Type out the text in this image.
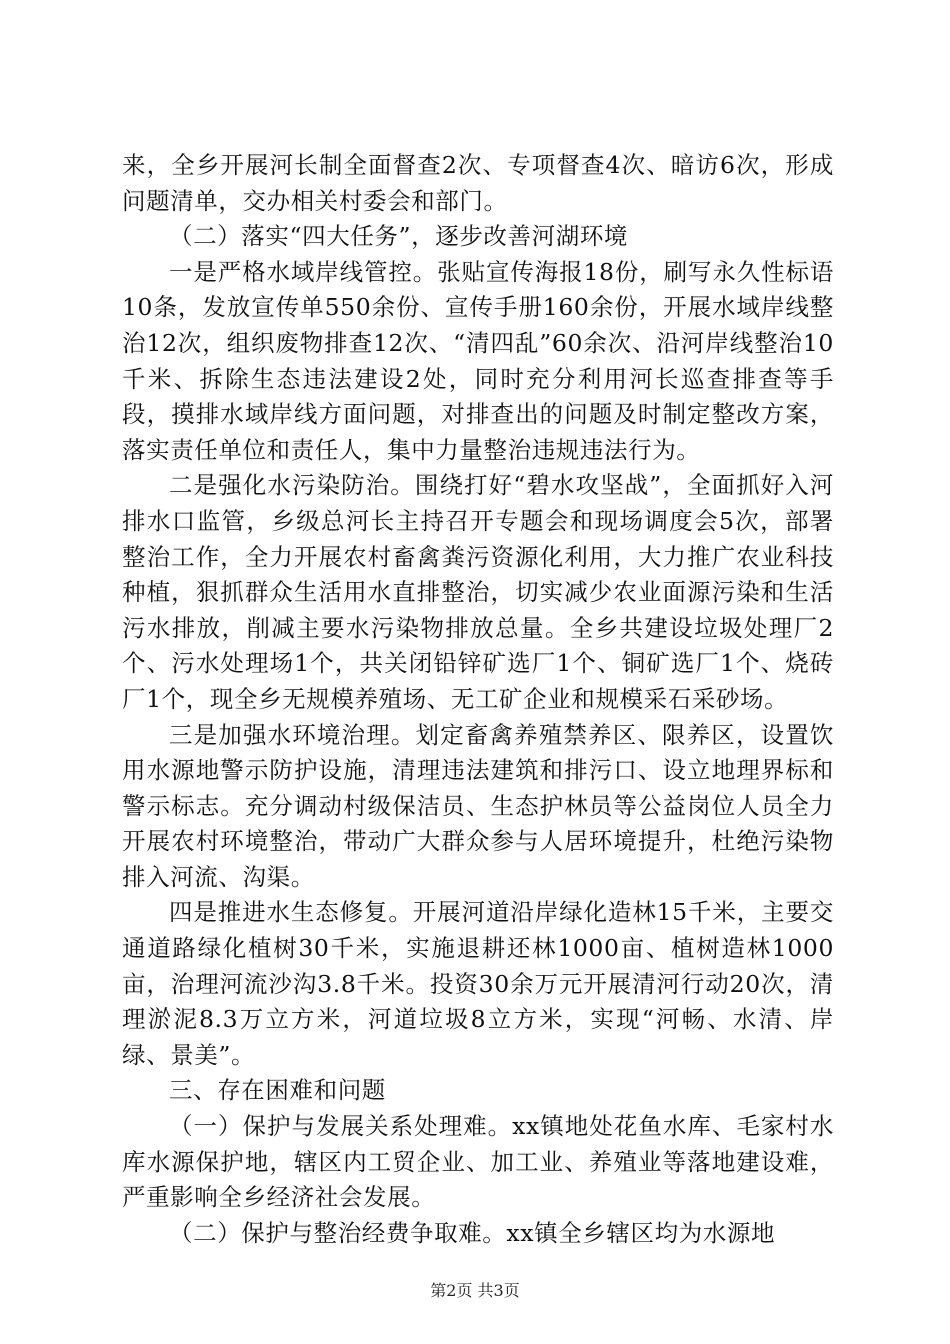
来，全乡开展河长制全面督查2次、专项督查4次、暗访6次，形成问题清单，交办相关村委会和部门。

（二）落实“四大任务”，逐步改善河湖环境

一是严格水域岸线管控。张贴宣传海报18份，刷写永久性标语10条，发放宣传单550余份、宣传手册160余份，开展水域岸线整治12次，组织废物排查12次、“清四乱”60余次、沿河岸线整治10千米、拆除生态违法建设2处，同时充分利用河长巡查排查等手段，摸排水域岸线方面问题，对排查出的问题及时制定整改方案，落实责任单位和责任人，集中力量整治违规违法行为。

二是强化水污染防治。围绕打好“碧水攻坚战”，全面抓好入河排水口监管，乡级总河长主持召开专题会和现场调度会5次，部署整治工作，全力开展农村畜禽粪污资源化利用，大力推广农业科技种植，狠抓群众生活用水直排整治，切实减少农业面源污染和生活污水排放，削减主要水污染物排放总量。全乡共建设垃圾处理厂2个、污水处理场1个，共关闭铅锌矿选厂1个、铜矿选厂1个、烧砖厂1个，现全乡无规模养殖场、无工矿企业和规模采石采砂场。

三是加强水环境治理。划定畜禽养殖禁养区、限养区，设置饮用水源地警示防护设施，清理违法建筑和排污口、设立地理界标和警示标志。充分调动村级保洁员、生态护林员等公益岗位人员全力开展农村环境整治，带动广大群众参与人居环境提升，杜绝污染物排入河流、沟渠。

四是推进水生态修复。开展河道沿岸绿化造林15千米，主要交通道路绿化植树30千米，实施退耕还林1000亩、植树造林1000亩，治理河流沙沟3.8千米。投资30余万元开展清河行动20次，清理淤泥8.3万立方米，河道垃圾8立方米，实现“河畅、水清、岸绿、景美”。

三、存在困难和问题

（一）保护与发展关系处理难。xx镇地处花鱼水库、毛家村水库水源保护地，辖区内工贸企业、加工业、养殖业等落地建设难，严重影响全乡经济社会发展。

（二）保护与整治经费争取难。xx镇全乡辖区均为水源地

第2页 共3页
